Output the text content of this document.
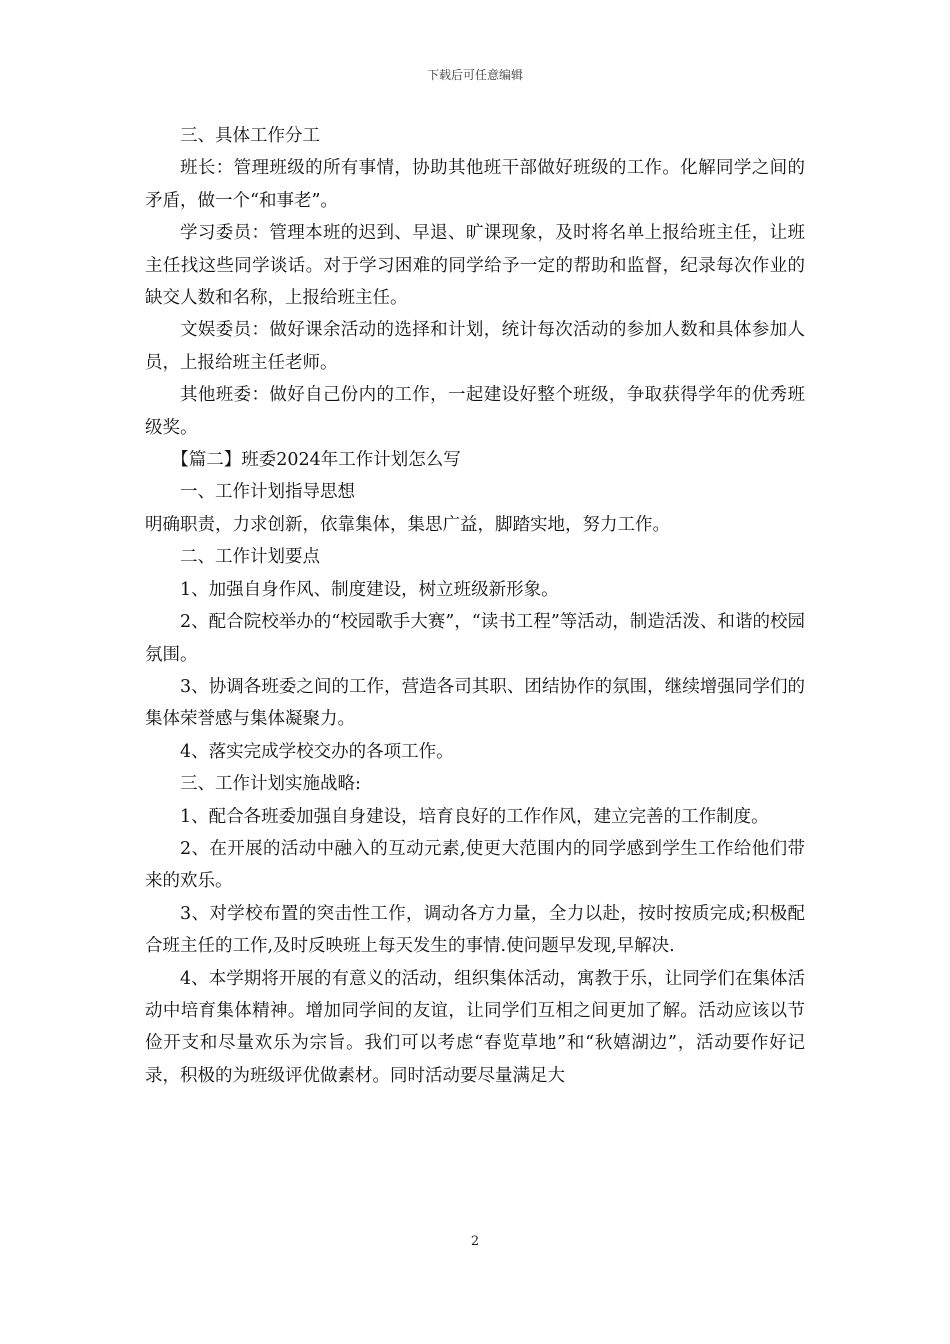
下载后可任意编辑

三、具体工作分工

班长：管理班级的所有事情，协助其他班干部做好班级的工作。化解同学之间的矛盾，做一个“和事老”。

学习委员：管理本班的迟到、早退、旷课现象，及时将名单上报给班主任，让班主任找这些同学谈话。对于学习困难的同学给予一定的帮助和监督，纪录每次作业的缺交人数和名称，上报给班主任。

文娱委员：做好课余活动的选择和计划，统计每次活动的参加人数和具体参加人员，上报给班主任老师。

其他班委：做好自己份内的工作，一起建设好整个班级，争取获得学年的优秀班级奖。

【篇二】班委2024年工作计划怎么写

一、工作计划指导思想

明确职责，力求创新，依靠集体，集思广益，脚踏实地，努力工作。

二、工作计划要点

1、加强自身作风、制度建设，树立班级新形象。

2、配合院校举办的“校园歌手大赛”，“读书工程”等活动，制造活泼、和谐的校园氛围。

3、协调各班委之间的工作，营造各司其职、团结协作的氛围，继续增强同学们的集体荣誉感与集体凝聚力。

4、落实完成学校交办的各项工作。

三、工作计划实施战略:

1、配合各班委加强自身建设，培育良好的工作作风，建立完善的工作制度。

2、在开展的活动中融入的互动元素,使更大范围内的同学感到学生工作给他们带来的欢乐。

3、对学校布置的突击性工作，调动各方力量，全力以赴，按时按质完成;积极配合班主任的工作,及时反映班上每天发生的事情.使问题早发现,早解决.

4、本学期将开展的有意义的活动，组织集体活动，寓教于乐，让同学们在集体活动中培育集体精神。增加同学间的友谊，让同学们互相之间更加了解。活动应该以节俭开支和尽量欢乐为宗旨。我们可以考虑“春览草地”和“秋嬉湖边”，活动要作好记录，积极的为班级评优做素材。同时活动要尽量满足大

2
